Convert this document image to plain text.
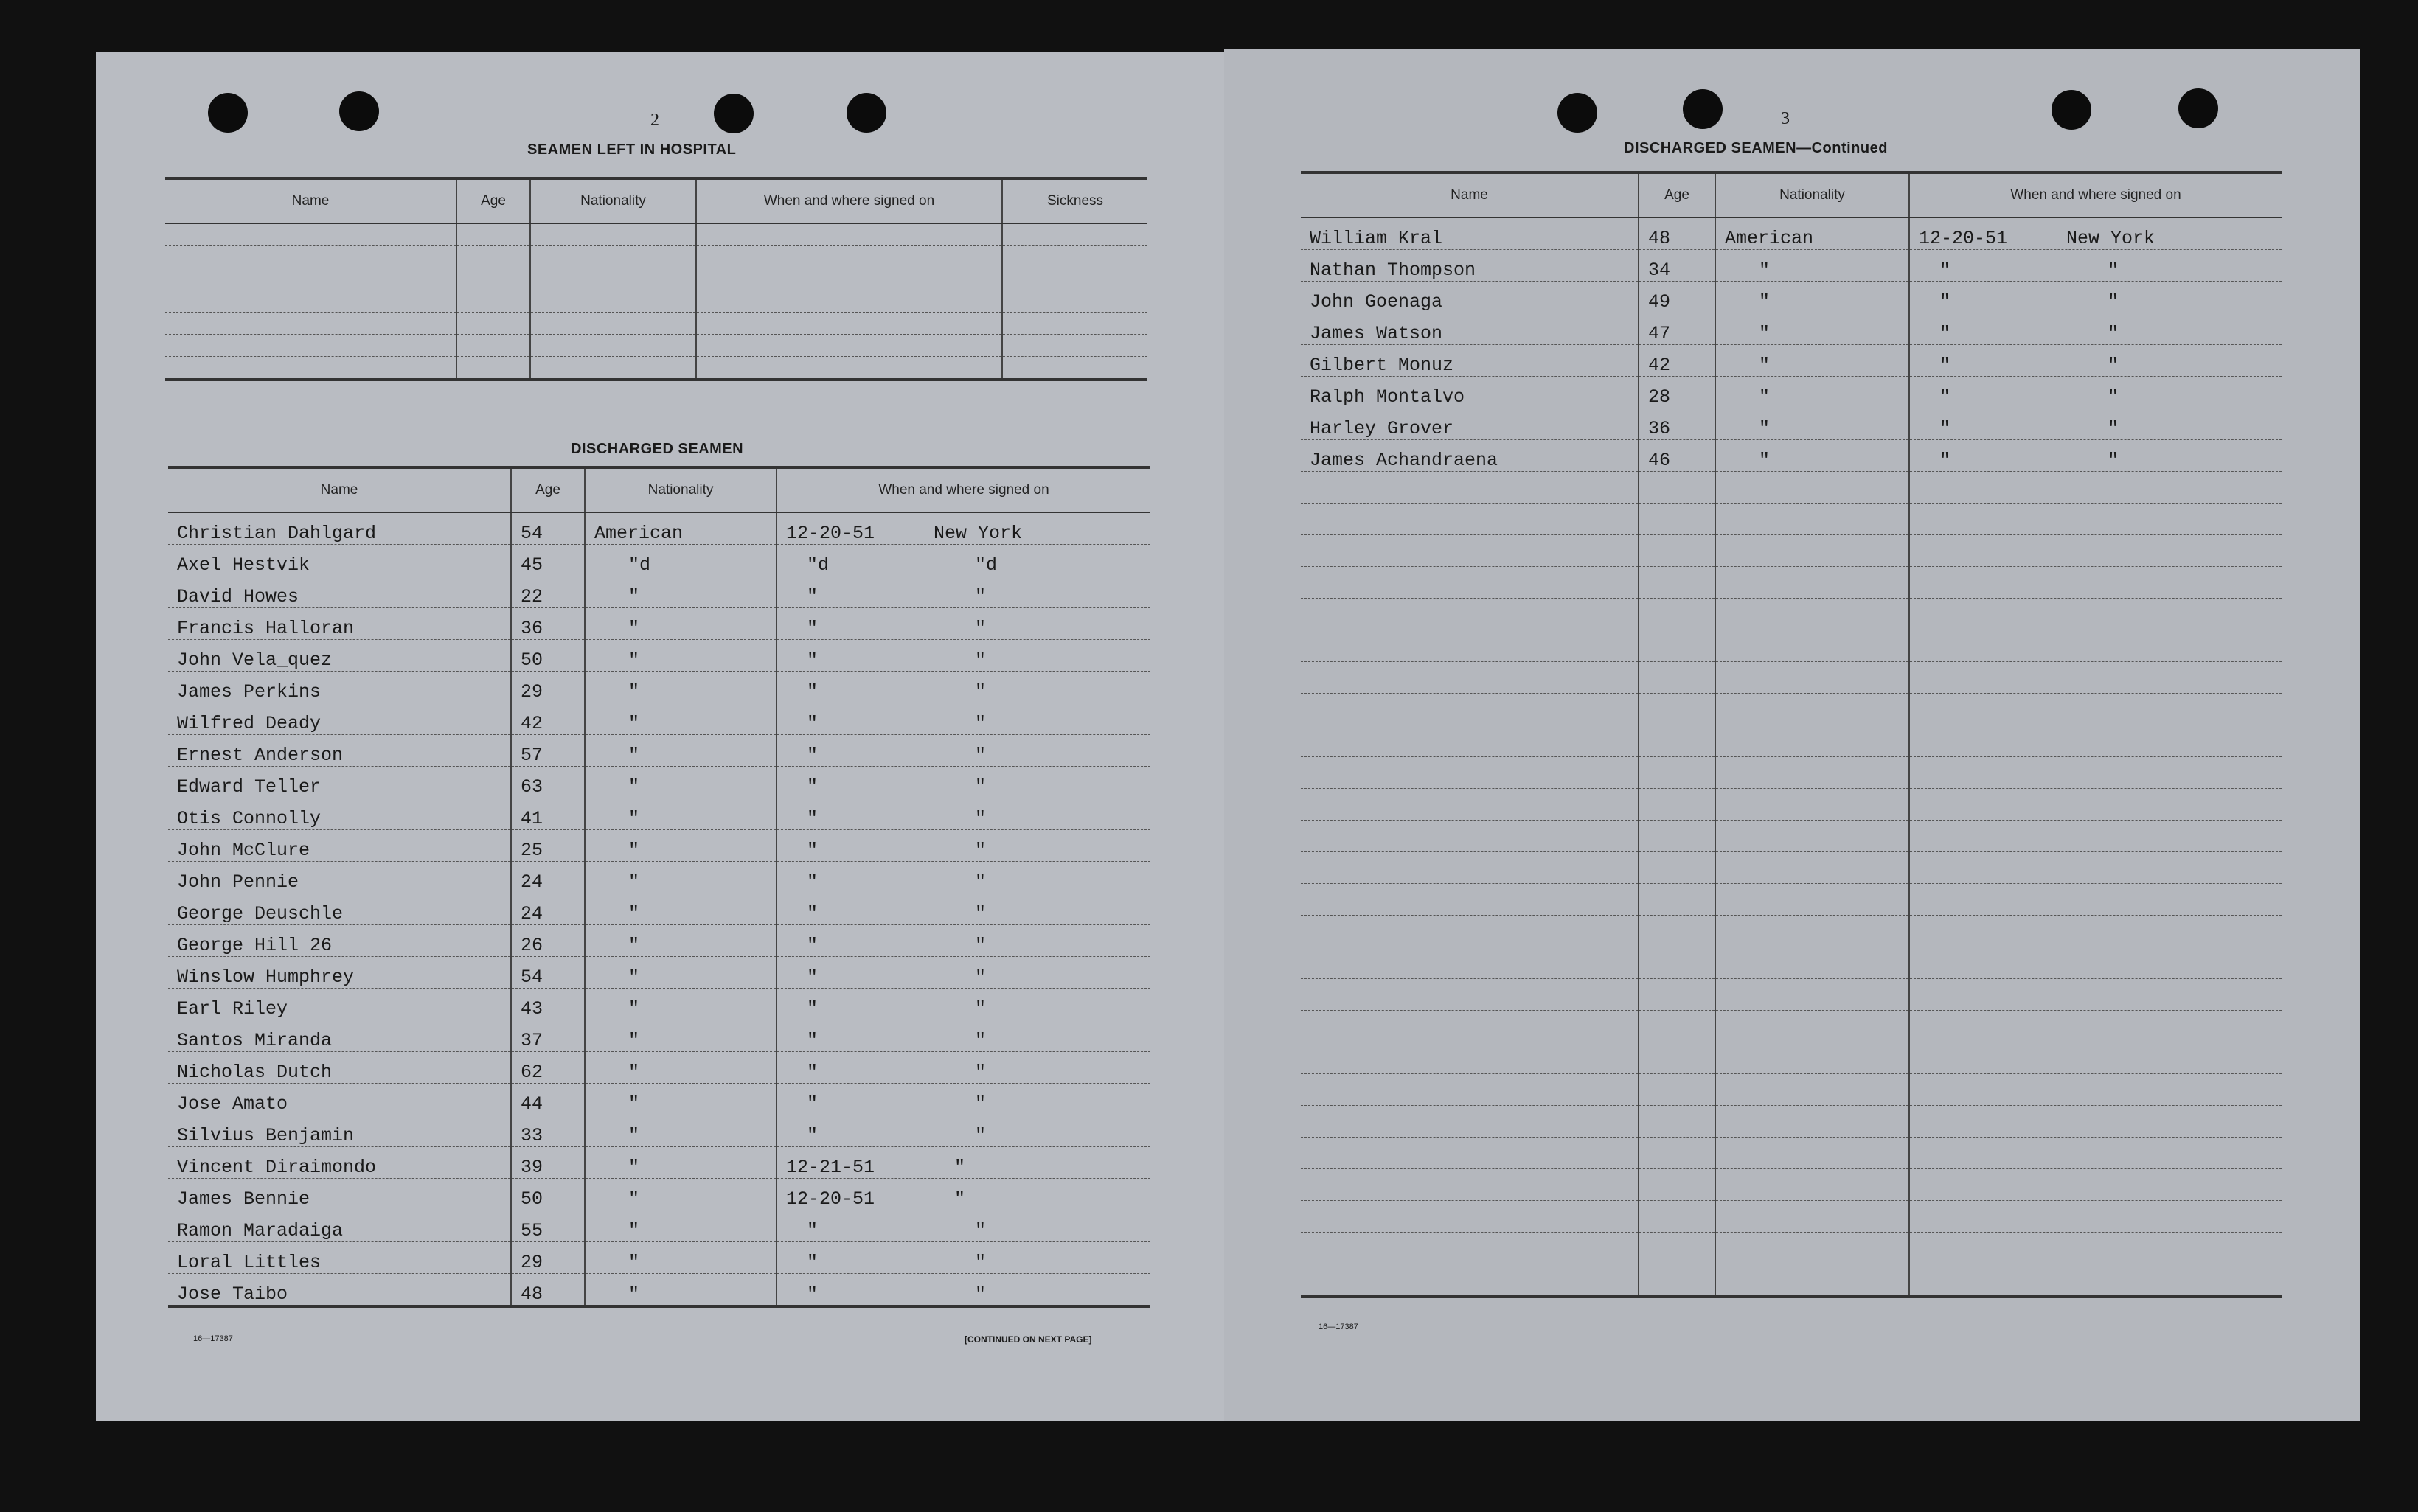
2
SEAMEN LEFT IN HOSPITAL
Name	Age	Nationality	When and where signed on	Sickness

DISCHARGED SEAMEN
Name	Age	Nationality	When and where signed on
Christian Dahlgard	54	American	12-20-51 New York
Axel Hestvik	45	"d	"d "d
David Howes	22	"	" "
Francis Halloran	36	"	" "
John Vela_quez	50	"	" "
James Perkins	29	"	" "
Wilfred Deady	42	"	" "
Ernest Anderson	57	"	" "
Edward Teller	63	"	" "
Otis Connolly	41	"	" "
John McClure	25	"	" "
John Pennie	24	"	" "
George Deuschle	24	"	" "
George Hill 26	26	"	" "
Winslow Humphrey	54	"	" "
Earl Riley	43	"	" "
Santos Miranda	37	"	" "
Nicholas Dutch	62	"	" "
Jose Amato	44	"	" "
Silvius Benjamin	33	"	" "
Vincent Diraimondo	39	"	12-21-51 "
James Bennie	50	"	12-20-51 "
Ramon Maradaiga	55	"	" "
Loral Littles	29	"	" "
Jose Taibo	48	"	" "
16—17387	[CONTINUED ON NEXT PAGE]
3
DISCHARGED SEAMEN—Continued
Name	Age	Nationality	When and where signed on
William Kral	48	American	12-20-51 New York
Nathan Thompson	34	"	" "
John Goenaga	49	"	" "
James Watson	47	"	" "
Gilbert Monuz	42	"	" "
Ralph Montalvo	28	"	" "
Harley Grover	36	"	" "
James Achandraena	46	"	" "

16—17387
